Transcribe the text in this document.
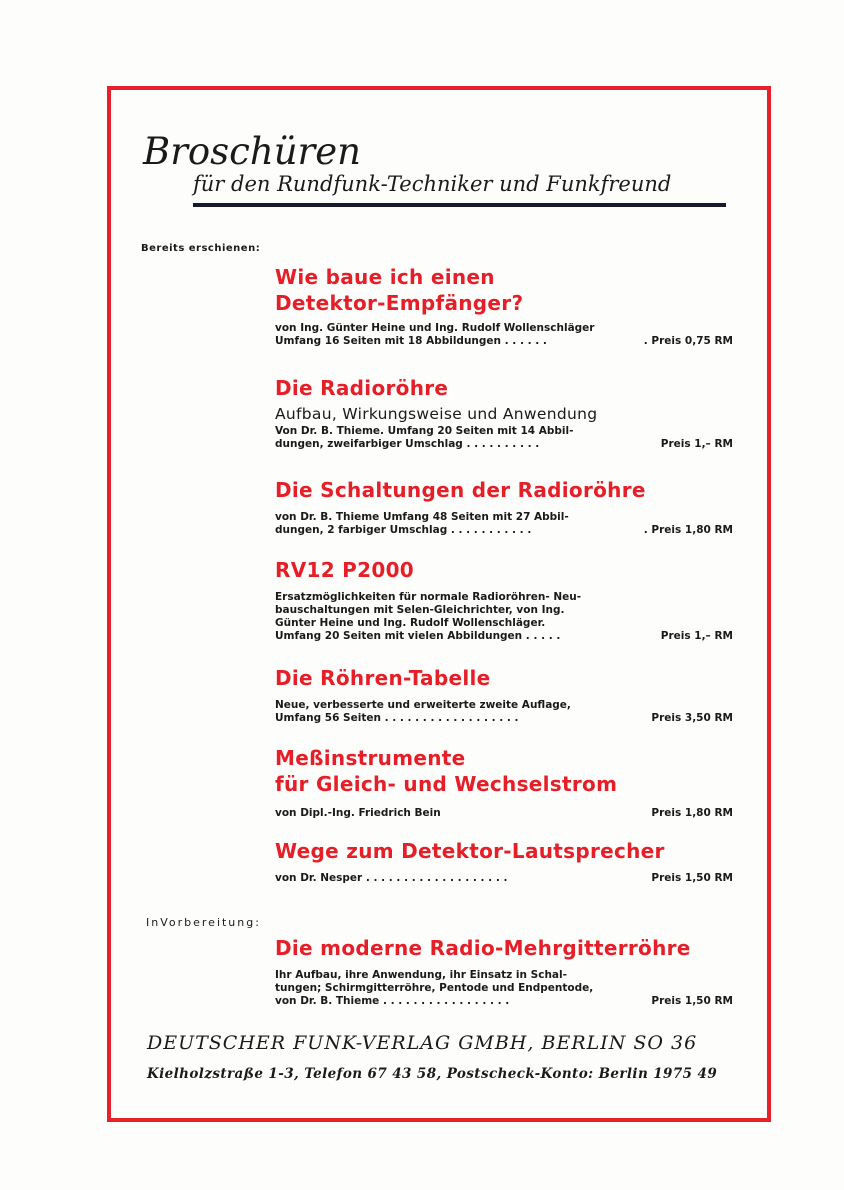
Broschüren
für den Rundfunk-Techniker und Funkfreund
Bereits erschienen:
Wie baue ich einen
Detektor-Empfänger?

von Ing. Günter Heine und Ing. Rudolf Wollenschläger

Umfang 16 Seiten mit 18 Abbildungen . . . . . .	. Preis 0,75 RM
Die Radioröhre
Aufbau, Wirkungsweise und Anwendung

Von Dr. B. Thieme. Umfang 20 Seiten mit 14 Abbil-

dungen, zweifarbiger Umschlag . . . . . . . . . .	Preis 1,– RM
Die Schaltungen der Radioröhre

von Dr. B. Thieme Umfang 48 Seiten mit 27 Abbil-

dungen, 2 farbiger Umschlag . . . . . . . . . . .	. Preis 1,80 RM
RV12 P2000

Ersatzmöglichkeiten für normale Radioröhren- Neu-

bauschaltungen mit Selen-Gleichrichter, von Ing.

Günter Heine und Ing. Rudolf Wollenschläger.

Umfang 20 Seiten mit vielen Abbildungen . . . . .	Preis 1,– RM
Die Röhren-Tabelle

Neue, verbesserte und erweiterte zweite Auflage,

Umfang 56 Seiten . . . . . . . . . . . . . . . . . .	Preis 3,50 RM
Meßinstrumente
für Gleich- und Wechselstrom

von Dipl.-Ing. Friedrich Bein	Preis 1,80 RM
Wege zum Detektor-Lautsprecher

von Dr. Nesper . . . . . . . . . . . . . . . . . . .	Preis 1,50 RM
InVorbereitung:
Die moderne Radio-Mehrgitterröhre

Ihr Aufbau, ihre Anwendung, ihr Einsatz in Schal-

tungen; Schirmgitterröhre, Pentode und Endpentode,

von Dr. B. Thieme . . . . . . . . . . . . . . . . .	Preis 1,50 RM
DEUTSCHER FUNK-VERLAG GMBH, BERLIN SO 36
Kielholzstraße 1-3, Telefon 67 43 58, Postscheck-Konto: Berlin 1975 49
